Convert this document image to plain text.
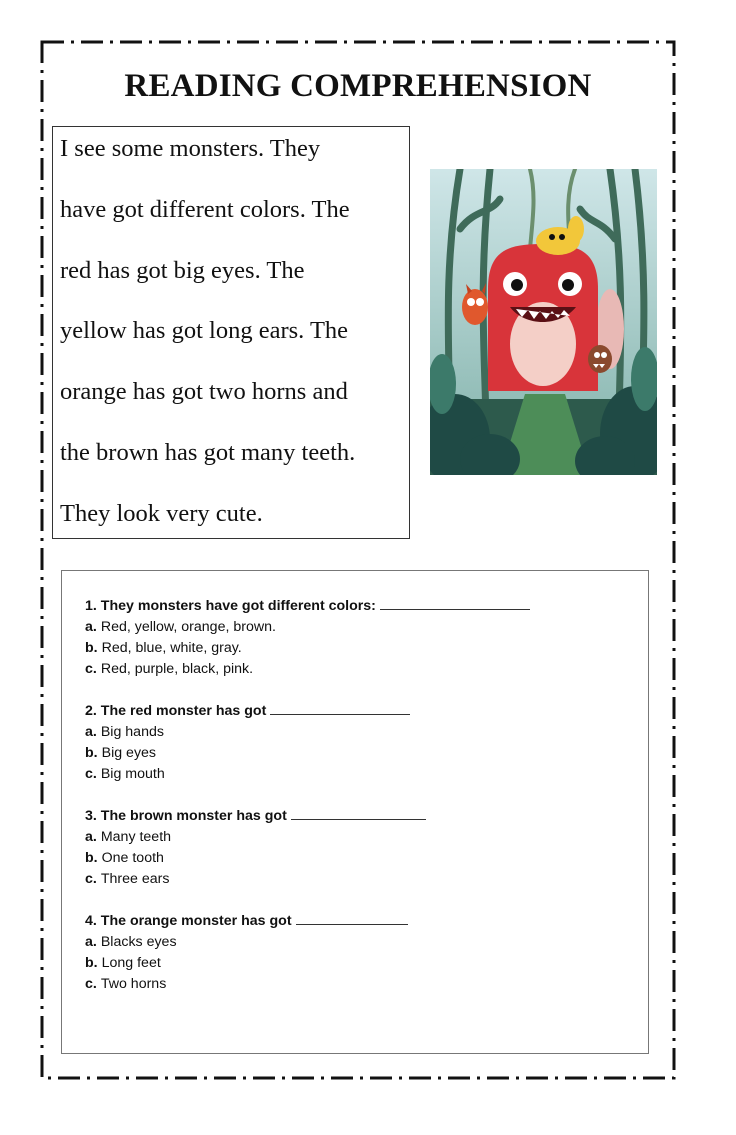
READING COMPREHENSION
I see some monsters. They
have got different colors. The
red has got big eyes. The
yellow has got long ears. The
orange has got two horns and
the brown has got many teeth.
They look very cute.
1. They monsters have got different colors:
a. Red, yellow, orange, brown.
b. Red, blue, white, gray.
c. Red, purple, black, pink.
2. The red monster has got
a. Big hands
b. Big eyes
c. Big mouth
3. The brown monster has got
a. Many teeth
b. One tooth
c. Three ears
4. The orange monster has got
a. Blacks eyes
b. Long feet
c. Two horns
